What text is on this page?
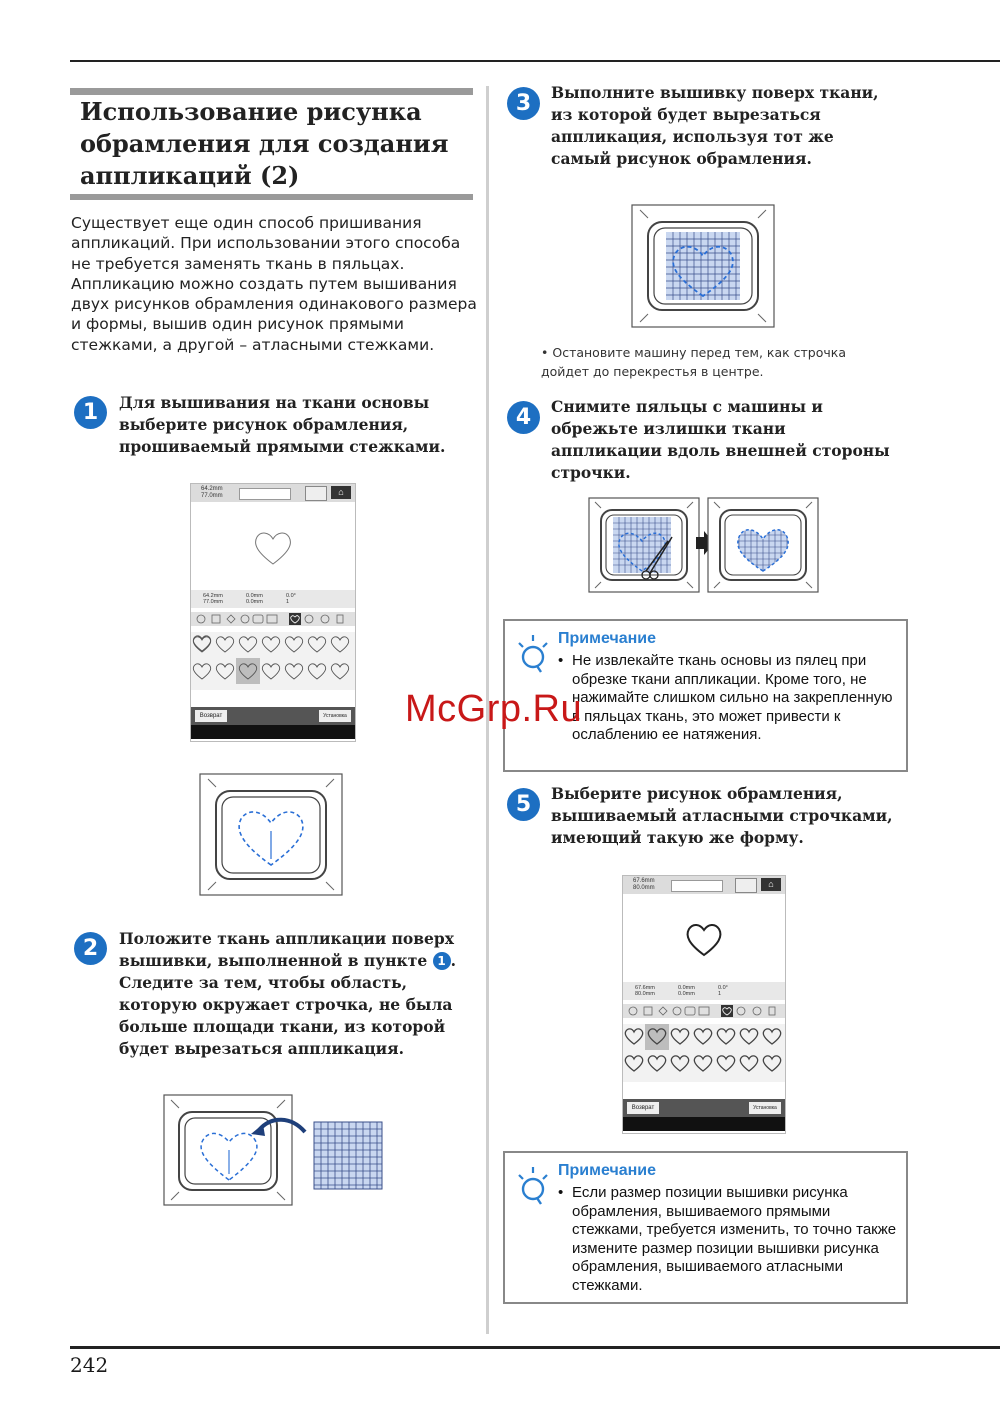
242
Использование рисунка обрамления для создания аппликаций (2)
Существует еще один способ пришивания аппликаций. При использовании этого способа не требуется заменять ткань в пяльцах. Аппликацию можно создать путем вышивания двух рисунков обрамления одинакового размера и формы, вышив один рисунок прямыми стежками, а другой – атласными стежками.
1	Для вышивания на ткани основы выберите рисунок обрамления, прошиваемый прямыми стежками.
64.2mm
77.0mm	⌂
64.2mm
77.0mm
0.0mm
0.0mm
0.0°
1
Возврат	Установка
2	Положите ткань аппликации поверх вышивки, выполненной в пункте 1 . Следите за тем, чтобы область, которую окружает строчка, не была больше площади ткани, из которой будет вырезаться аппликация.
3	Выполните вышивку поверх ткани, из которой будет вырезаться аппликация, используя тот же самый рисунок обрамления.
• Остановите машину перед тем, как строчка дойдет до перекрестья в центре.
4	Снимите пяльцы с машины и обрежьте излишки ткани аппликации вдоль внешней стороны строчки.
Примечание
• Не извлекайте ткань основы из пялец при обрезке ткани аппликации. Кроме того, не нажимайте слишком сильно на закрепленную в пяльцах ткань, это может привести к ослаблению ее натяжения.
5	Выберите рисунок обрамления, вышиваемый атласными строчками, имеющий такую же форму.
67.6mm
80.0mm	⌂
67.6mm
80.0mm
0.0mm
0.0mm
0.0°
1
Возврат	Установка
Примечание
• Если размер позиции вышивки рисунка обрамления, вышиваемого прямыми стежками, требуется изменить, то точно также измените размер позиции вышивки рисунка обрамления, вышиваемого атласными стежками.
McGrp.Ru
